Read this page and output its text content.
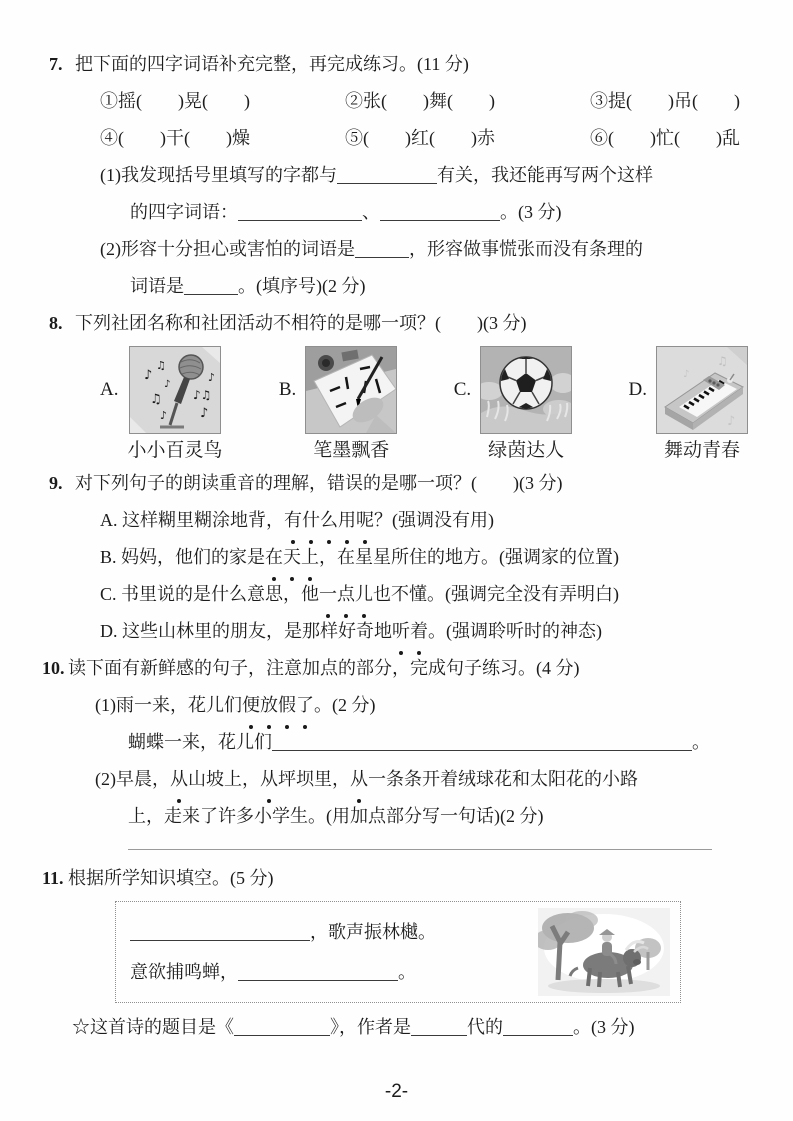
7. 把下面的四字词语补充完整，再完成练习。(11 分)
①摇(　　)晃(　　)	②张(　　)舞(　　)	③提(　　)吊(　　)
④(　　)干(　　)燥	⑤(　　)红(　　)赤	⑥(　　)忙(　　)乱
(1)我发现括号里填写的字都与	有关，我还能再写两个这样
的四字词语：	、	。(3 分)
(2)形容十分担心或害怕的词语是	，形容做事慌张而没有条理的
词语是	。(填序号)(2 分)
8. 下列社团名称和社团活动不相符的是哪一项？(　　)(3 分)
A.
♪
♫
♫
♪
♪♫
♪
♪
♪
小小百灵鸟
B.
笔墨飘香
C.
绿茵达人
D.
♫
♪
♪
舞动青春
9. 对下列句子的朗读重音的理解，错误的是哪一项？(　　)(3 分)
A. 这样糊里糊涂地背，有什么用呢？(强调没有用)
B. 妈妈，他们的家是在天上，在星星所住的地方。(强调家的位置)
C. 书里说的是什么意思，他一点儿也不懂。(强调完全没有弄明白)
D. 这些山林里的朋友，是那样好奇地听着。(强调聆听时的神态)
10. 读下面有新鲜感的句子，注意加点的部分，完成句子练习。(4 分)
(1)雨一来，花儿们便放假了。(2 分)
蝴蝶一来，花儿们	。
(2)早晨，从山坡上，从坪坝里，从一条条开着绒球花和太阳花的小路
上，走来了许多小学生。(用加点部分写一句话)(2 分)
11. 根据所学知识填空。(5 分)
，歌声振林樾。
意欲捕鸣蝉，	。
☆这首诗的题目是《	》，作者是	代的	。(3 分)
-2-
